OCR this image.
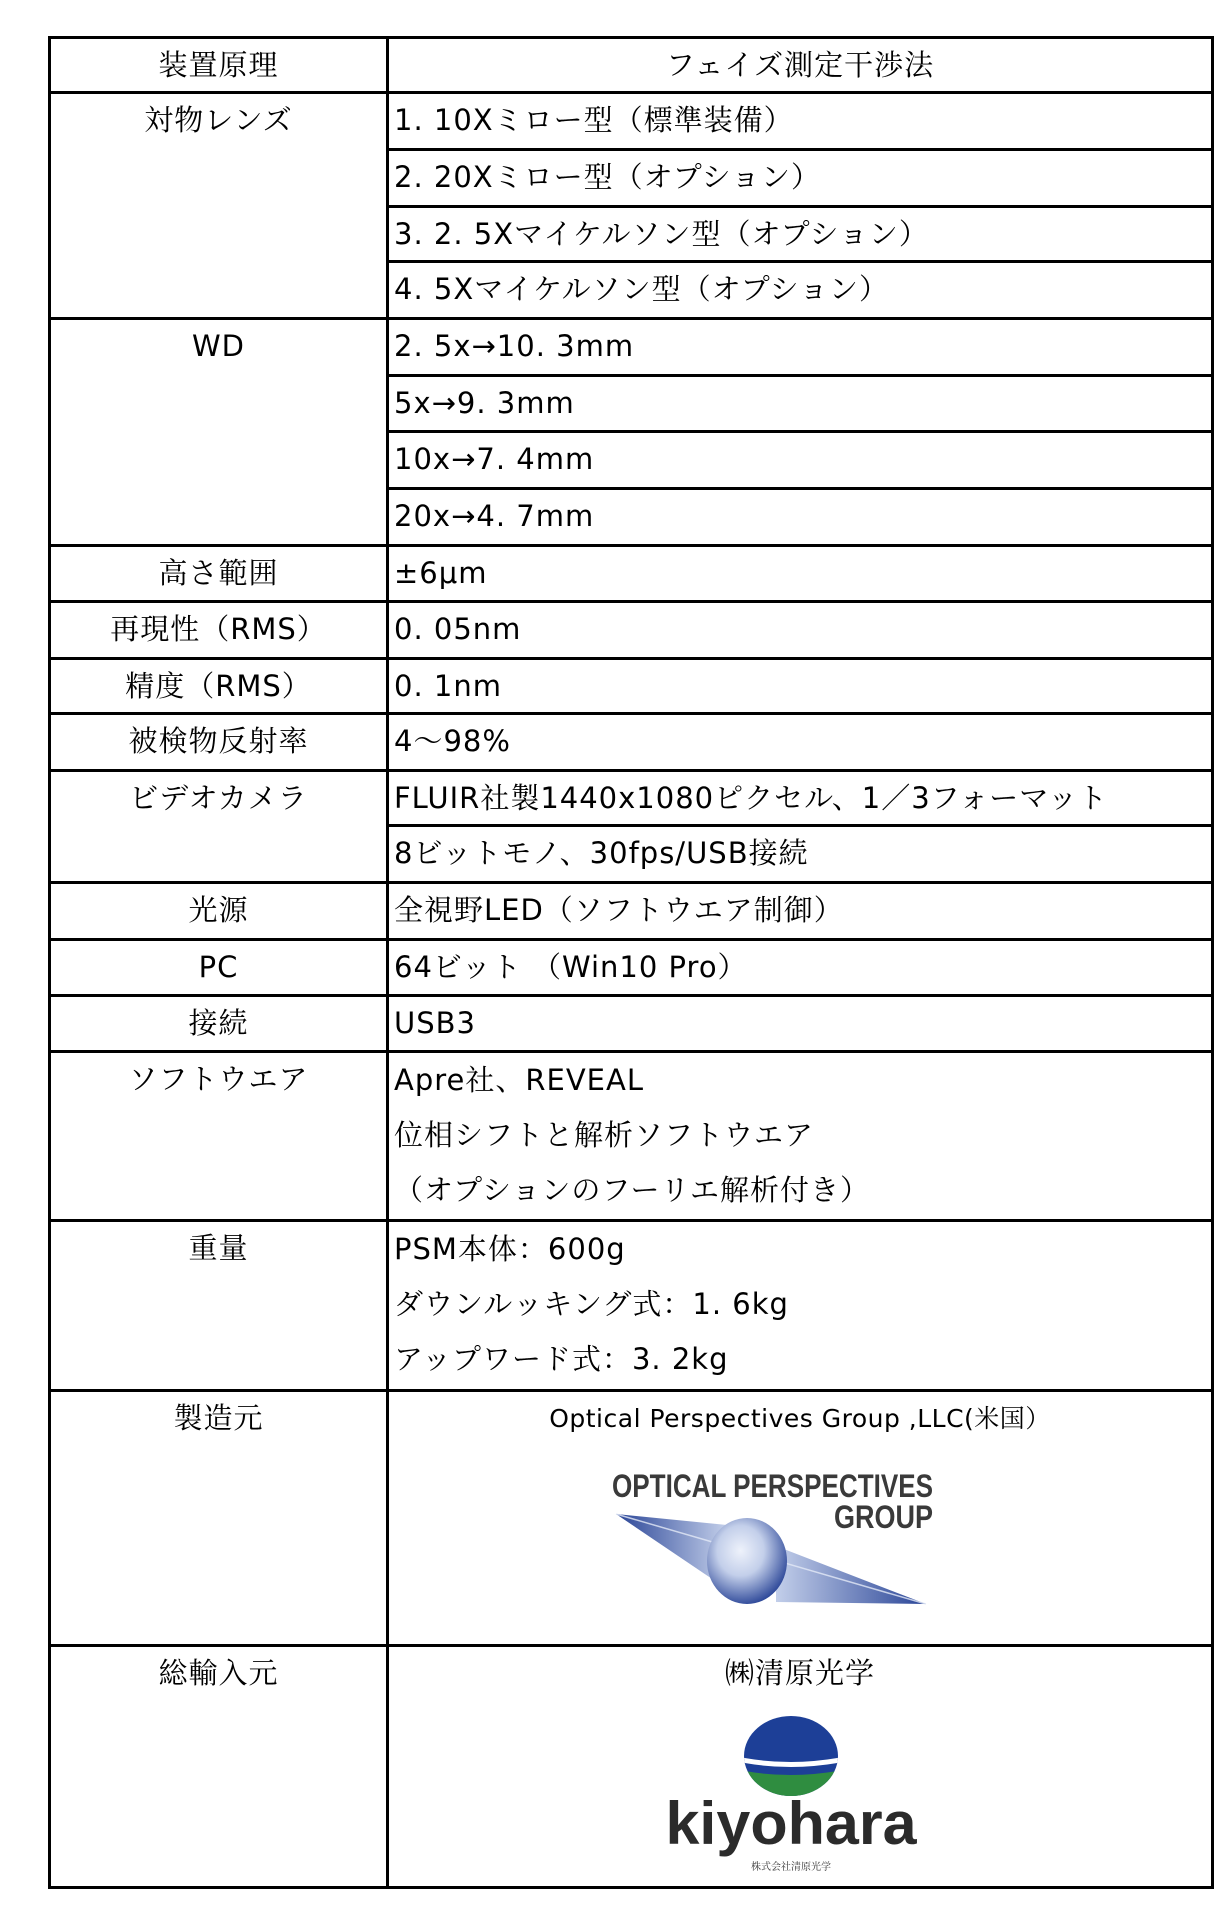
装置原理	フェイズ測定干渉法
対物レンズ	1. 10Xミロー型（標準装備）
2. 20Xミロー型（オプション）
3. 2. 5Xマイケルソン型（オプション）
4. 5Xマイケルソン型（オプション）
WD	2. 5x→10. 3mm
5x→9. 3mm
10x→7. 4mm
20x→4. 7mm
高さ範囲	±6μm
再現性（RMS）	0. 05nm
精度（RMS）	0. 1nm
被検物反射率	4～98%
ビデオカメラ	FLUIR社製1440x1080ピクセル、1／3フォーマット
8ビットモノ、30fps/USB接続
光源	全視野LED（ソフトウエア制御）
PC	64ビット （Win10 Pro）
接続	USB3
ソフトウエア	Apre社、REVEAL
位相シフトと解析ソフトウエア
（オプションのフーリエ解析付き）
重量	PSM本体：600g
ダウンルッキング式：1. 6kg
アップワード式：3. 2kg
製造元	Optical Perspectives Group ,LLC(米国）
OPTICAL PERSPECTIVES
GROUP
総輸入元	㈱清原光学
kiyohara
株式会社清原光学
